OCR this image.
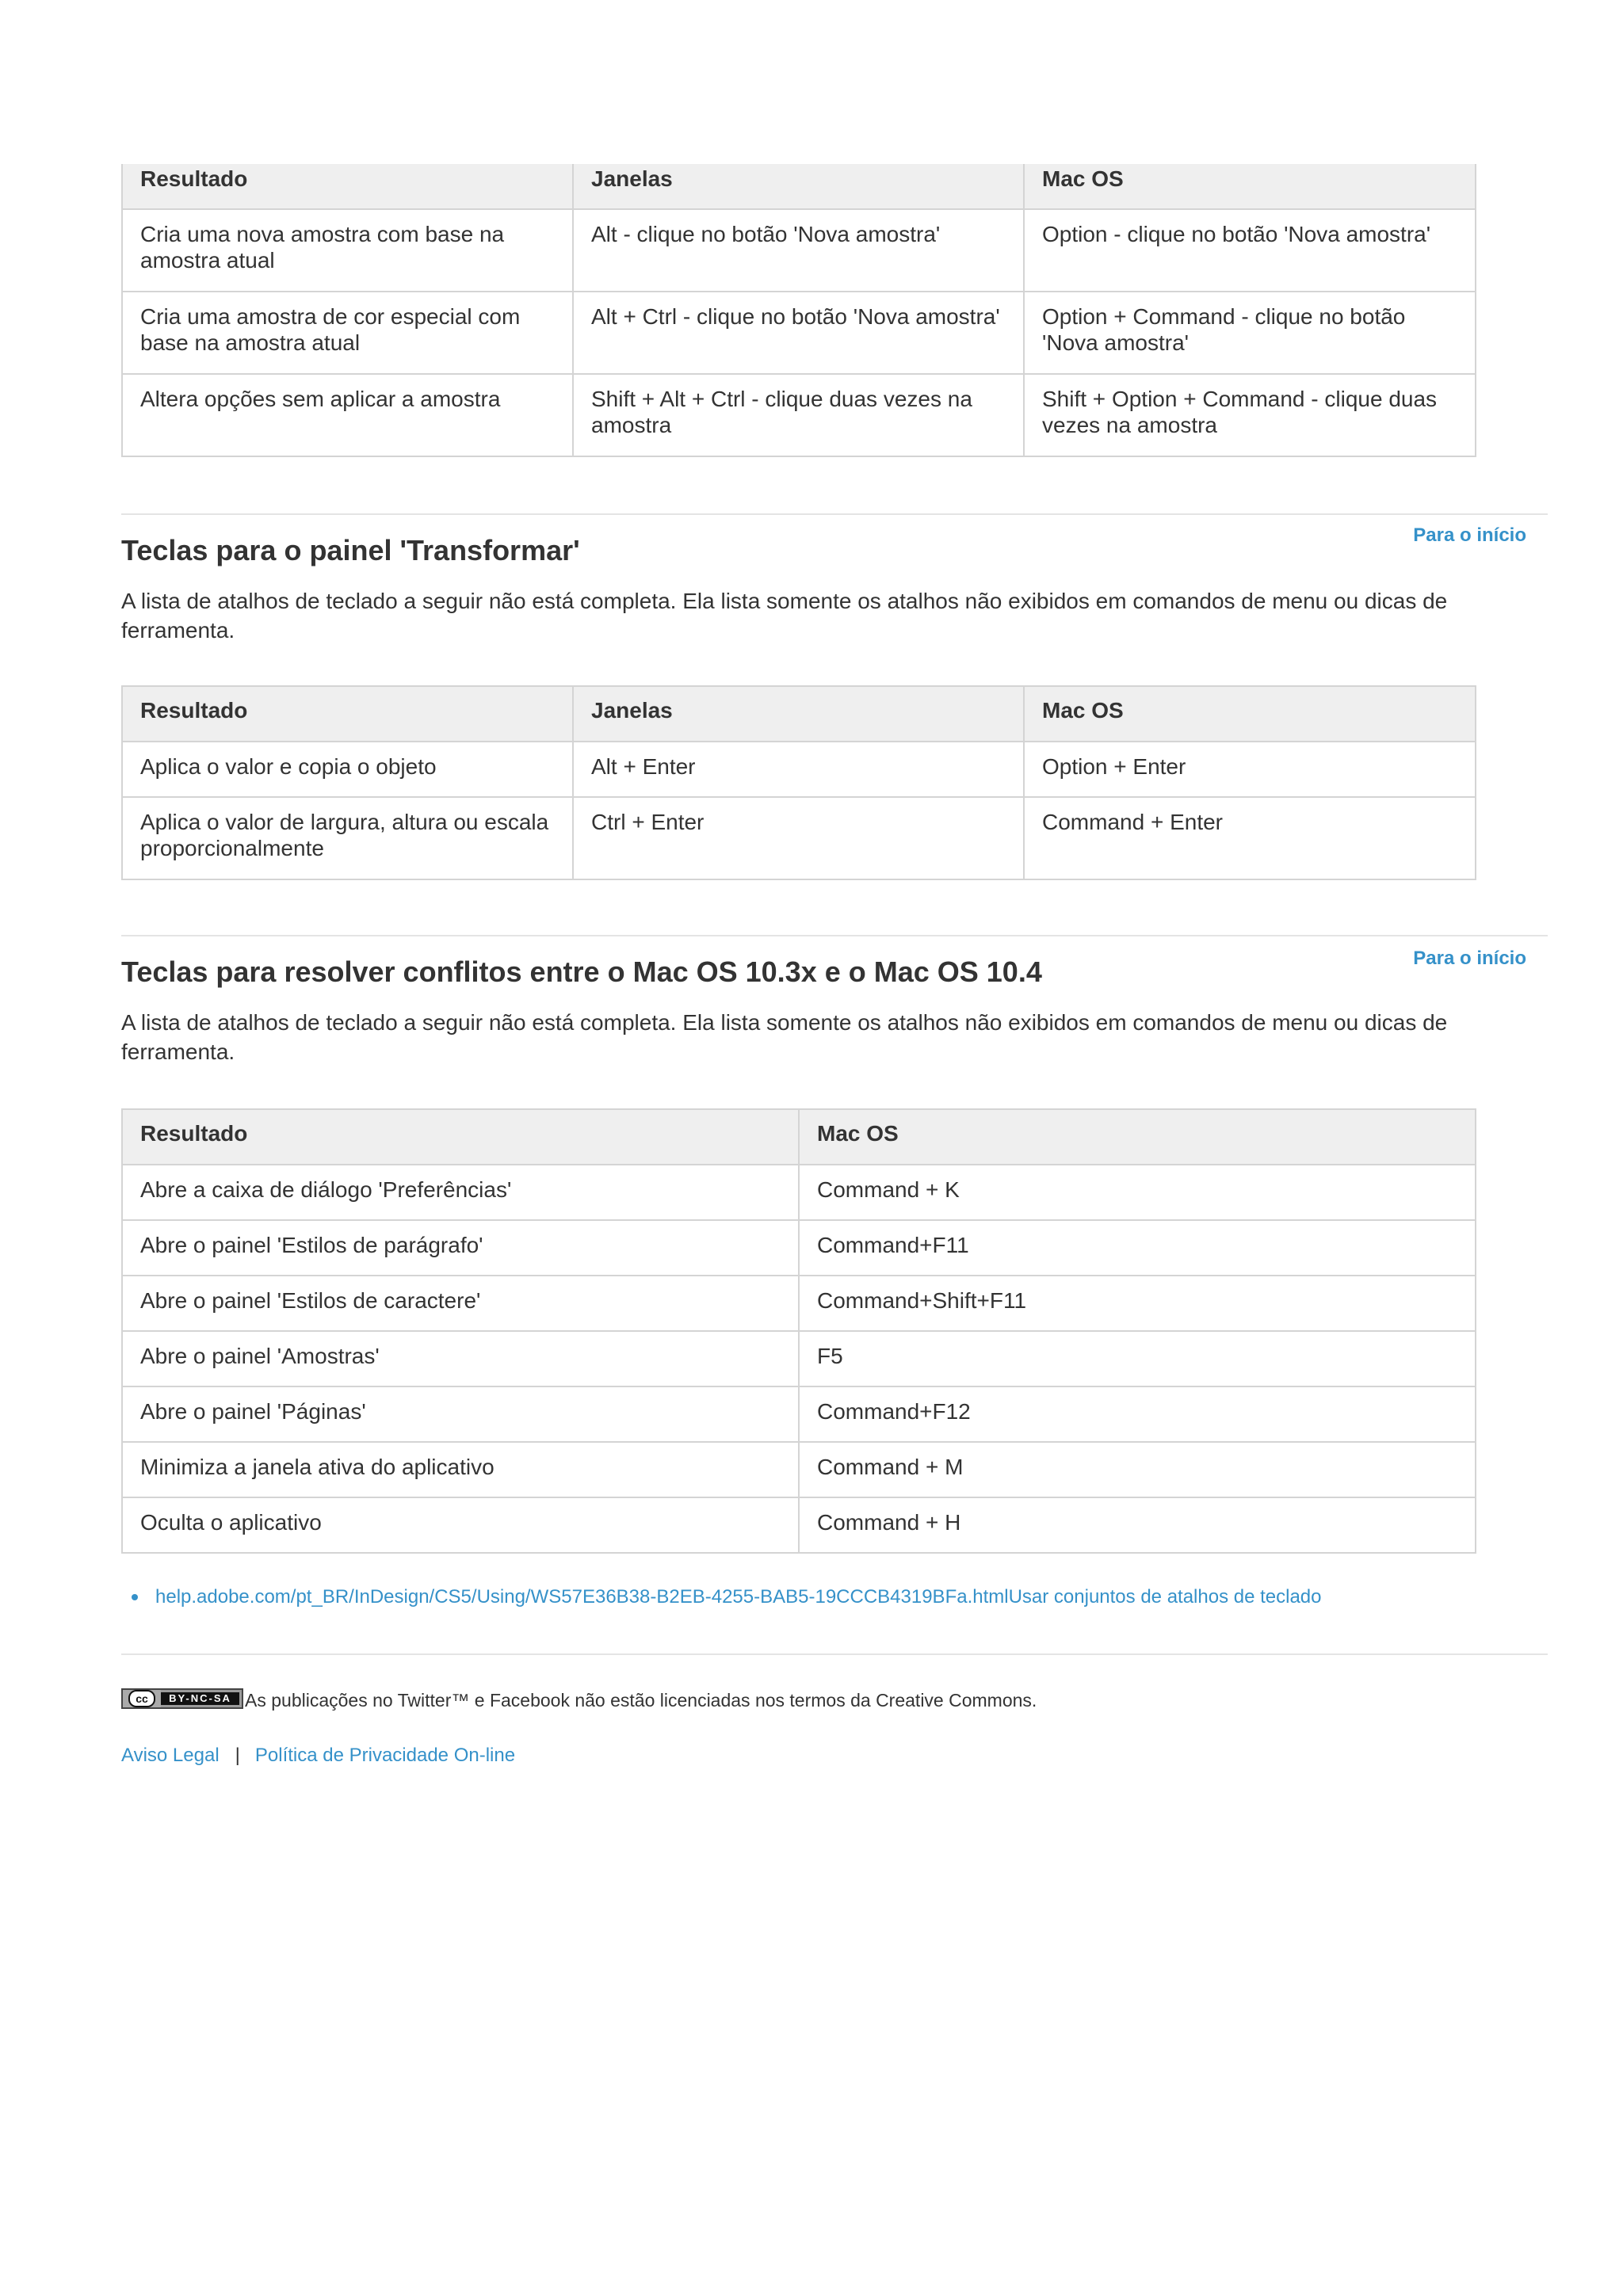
Resultado	Janelas	Mac OS
Cria uma nova amostra com base na amostra atual	Alt - clique no botão 'Nova amostra'	Option - clique no botão 'Nova amostra'
Cria uma amostra de cor especial com base na amostra atual	Alt + Ctrl - clique no botão 'Nova amostra'	Option + Command - clique no botão 'Nova amostra'
Altera opções sem aplicar a amostra	Shift + Alt + Ctrl - clique duas vezes na amostra	Shift + Option + Command - clique duas vezes na amostra
Para o início
Teclas para o painel 'Transformar'

A lista de atalhos de teclado a seguir não está completa. Ela lista somente os atalhos não exibidos em comandos de menu ou dicas de ferramenta.

Resultado	Janelas	Mac OS
Aplica o valor e copia o objeto	Alt + Enter	Option + Enter
Aplica o valor de largura, altura ou escala proporcionalmente	Ctrl + Enter	Command + Enter
Para o início
Teclas para resolver conflitos entre o Mac OS 10.3x e o Mac OS 10.4

A lista de atalhos de teclado a seguir não está completa. Ela lista somente os atalhos não exibidos em comandos de menu ou dicas de ferramenta.

Resultado	Mac OS
Abre a caixa de diálogo 'Preferências'	Command + K
Abre o painel 'Estilos de parágrafo'	Command+F11
Abre o painel 'Estilos de caractere'	Command+Shift+F11
Abre o painel 'Amostras'	F5
Abre o painel 'Páginas'	Command+F12
Minimiza a janela ativa do aplicativo	Command + M
Oculta o aplicativo	Command + H
help.adobe.com/pt_BR/InDesign/CS5/Using/WS57E36B38-B2EB-4255-BAB5-19CCCB4319BFa.htmlUsar conjuntos de atalhos de teclado
cc	BY-NC-SA As publicações no Twitter™ e Facebook não estão licenciadas nos termos da Creative Commons.
Aviso Legal | Política de Privacidade On-line
